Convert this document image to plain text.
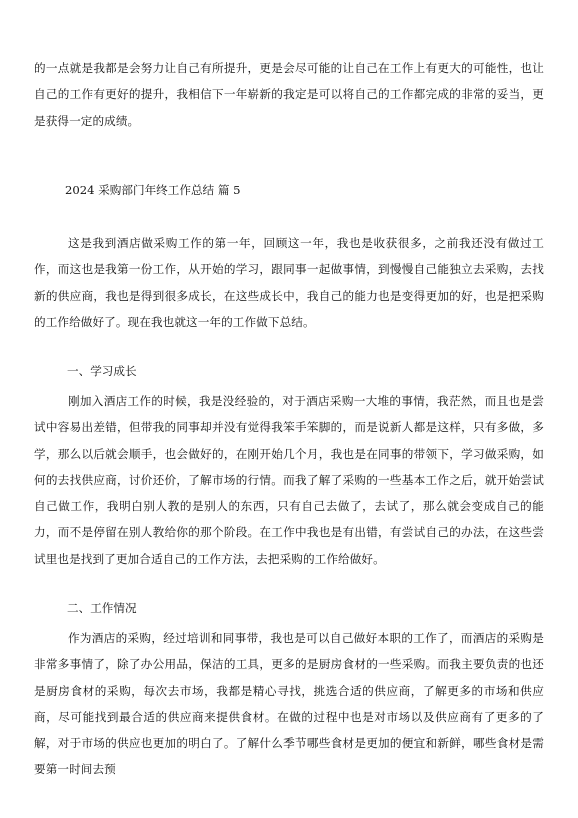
的一点就是我都是会努力让自己有所提升，更是会尽可能的让自己在工作上有更大的可能性，也让自己的工作有更好的提升，我相信下一年崭新的我定是可以将自己的工作都完成的非常的妥当，更是获得一定的成绩。

2024 采购部门年终工作总结 篇 5

这是我到酒店做采购工作的第一年，回顾这一年，我也是收获很多，之前我还没有做过工作，而这也是我第一份工作，从开始的学习，跟同事一起做事情，到慢慢自己能独立去采购，去找新的供应商，我也是得到很多成长，在这些成长中，我自己的能力也是变得更加的好，也是把采购的工作给做好了。现在我也就这一年的工作做下总结。

一、学习成长

刚加入酒店工作的时候，我是没经验的，对于酒店采购一大堆的事情，我茫然，而且也是尝试中容易出差错，但带我的同事却并没有觉得我笨手笨脚的，而是说新人都是这样，只有多做，多学，那么以后就会顺手，也会做好的，在刚开始几个月，我也是在同事的带领下，学习做采购，如何的去找供应商，讨价还价，了解市场的行情。而我了解了采购的一些基本工作之后，就开始尝试自己做工作，我明白别人教的是别人的东西，只有自己去做了，去试了，那么就会变成自己的能力，而不是停留在别人教给你的那个阶段。在工作中我也是有出错，有尝试自己的办法，在这些尝试里也是找到了更加合适自己的工作方法，去把采购的工作给做好。

二、工作情况

作为酒店的采购，经过培训和同事带，我也是可以自己做好本职的工作了，而酒店的采购是非常多事情了，除了办公用品，保洁的工具，更多的是厨房食材的一些采购。而我主要负责的也还是厨房食材的采购，每次去市场，我都是精心寻找，挑选合适的供应商，了解更多的市场和供应商，尽可能找到最合适的供应商来提供食材。在做的过程中也是对市场以及供应商有了更多的了解，对于市场的供应也更加的明白了。了解什么季节哪些食材是更加的便宜和新鲜，哪些食材是需要第一时间去预
